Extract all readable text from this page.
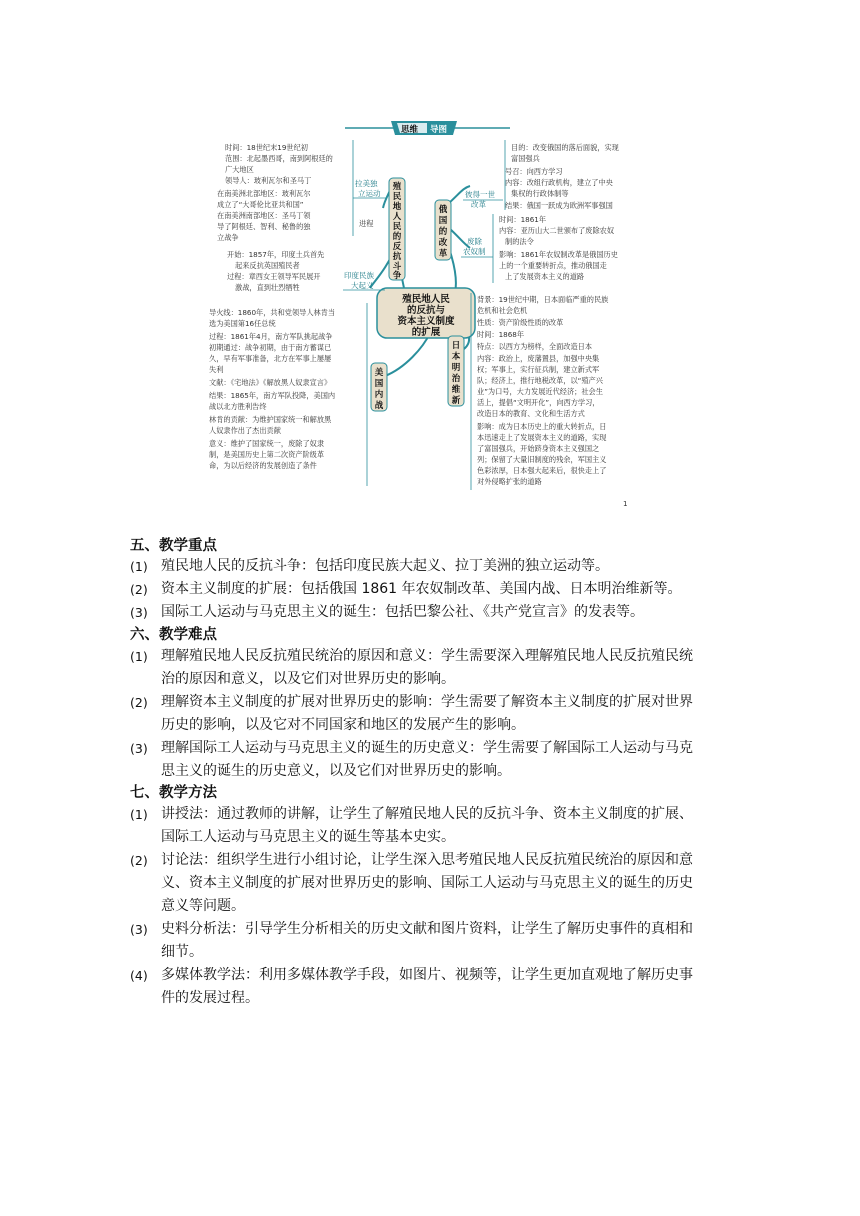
思维 导图
殖民地人民
的反抗与
资本主义制度
的扩展
殖
民
地
人
民
的
反
抗
斗
争
拉美独
立运动
进程
时间：18世纪末19世纪初
范围：北起墨西哥，南到阿根廷的
广大地区
领导人：玻利瓦尔和圣马丁
在南美洲北部地区：玻利瓦尔
成立了“大哥伦比亚共和国”
在南美洲南部地区：圣马丁领
导了阿根廷、智利、秘鲁的独
立战争
印度民族
大起义
开始：1857年，印度土兵首先
起来反抗英国殖民者
过程：章西女王领导军民展开
激战，直到壮烈牺牲
美
国
内
战
导火线：1860年，共和党领导人林肯当
选为美国第16任总统
过程：1861年4月，南方军队挑起战争
初期通过：战争初期，由于南方蓄谋已
久，早有军事准备，北方在军事上屡屡
失利
文献：《宅地法》《解放黑人奴隶宣言》
结果：1865年，南方军队投降，美国内
战以北方胜利告终
林肯的贡献：为维护国家统一和解放黑
人奴隶作出了杰出贡献
意义：维护了国家统一，废除了奴隶
制，是美国历史上第二次资产阶级革
命，为以后经济的发展创造了条件
俄
国
的
改
革
彼得一世
改革
目的：改变俄国的落后面貌，实现
富国强兵
号召：向西方学习
内容：改组行政机构，建立了中央
集权的行政体制等
结果：俄国一跃成为欧洲军事强国
废除
农奴制
时间：1861年
内容：亚历山大二世颁布了废除农奴
制的法令
影响：1861年农奴制改革是俄国历史
上的一个重要转折点，推动俄国走
上了发展资本主义的道路
日
本
明
治
维
新
背景：19世纪中期，日本面临严重的民族
危机和社会危机
性质：资产阶级性质的改革
时间：1868年
特点：以西方为榜样，全面改造日本
内容：政治上，废藩置县，加强中央集
权；军事上，实行征兵制，建立新式军
队；经济上，推行地税改革，以“殖产兴
业”为口号，大力发展近代经济；社会生
活上，提倡“文明开化”，向西方学习，
改造日本的教育、文化和生活方式
影响：成为日本历史上的重大转折点，日
本迅速走上了发展资本主义的道路，实现
了富国强兵，开始跻身资本主义强国之
列；保留了大量旧制度的残余，军国主义
色彩浓厚，日本强大起来后，很快走上了
对外侵略扩张的道路
1
五、教学重点
(1) 殖民地人民的反抗斗争：包括印度民族大起义、拉丁美洲的独立运动等。
(2) 资本主义制度的扩展：包括俄国 1861 年农奴制改革、美国内战、日本明治维新等。
(3) 国际工人运动与马克思主义的诞生：包括巴黎公社、《共产党宣言》的发表等。
六、教学难点
(1) 理解殖民地人民反抗殖民统治的原因和意义：学生需要深入理解殖民地人民反抗殖民统
治的原因和意义，以及它们对世界历史的影响。
(2) 理解资本主义制度的扩展对世界历史的影响：学生需要了解资本主义制度的扩展对世界
历史的影响，以及它对不同国家和地区的发展产生的影响。
(3) 理解国际工人运动与马克思主义的诞生的历史意义：学生需要了解国际工人运动与马克
思主义的诞生的历史意义，以及它们对世界历史的影响。
七、教学方法
(1) 讲授法：通过教师的讲解，让学生了解殖民地人民的反抗斗争、资本主义制度的扩展、
国际工人运动与马克思主义的诞生等基本史实。
(2) 讨论法：组织学生进行小组讨论，让学生深入思考殖民地人民反抗殖民统治的原因和意
义、资本主义制度的扩展对世界历史的影响、国际工人运动与马克思主义的诞生的历史
意义等问题。
(3) 史料分析法：引导学生分析相关的历史文献和图片资料，让学生了解历史事件的真相和
细节。
(4) 多媒体教学法：利用多媒体教学手段，如图片、视频等，让学生更加直观地了解历史事
件的发展过程。
